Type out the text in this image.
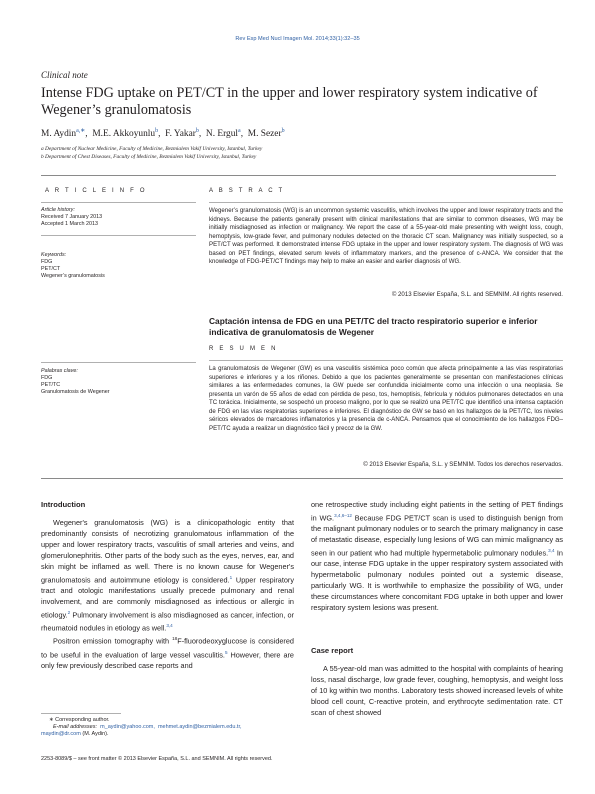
Rev Esp Med Nucl Imagen Mol. 2014;33(1):32–35
Clinical note
Intense FDG uptake on PET/CT in the upper and lower respiratory system indicative of Wegener’s granulomatosis
M. Aydin$^{a,∗}$, M.E. Akkoyunlu$^b$, F. Yakar$^b$, N. Ergul$^a$, M. Sezer$^b$
a Department of Nuclear Medicine, Faculty of Medicine, Bezmialem Vakif University, Istanbul, Turkey
b Department of Chest Diseases, Faculty of Medicine, Bezmialem Vakif University, Istanbul, Turkey
A R T I C L E I N F O
Article history:
Received 7 January 2013
Accepted 1 March 2013
Keywords:
FDG
PET/CT
Wegener’s granulomatosis
Palabras clave:
FDG
PET/TC
Granulomatosis de Wegener
A B S T R A C T
Wegener’s granulomatosis (WG) is an uncommon systemic vasculitis, which involves the upper and lower respiratory tracts and the kidneys. Because the patients generally present with clinical manifestations that are similar to common diseases, WG may be initially misdiagnosed as infection or malignancy. We report the case of a 55-year-old male presenting with weight loss, cough, hemoptysis, low-grade fever, and pulmonary nodules detected on the thoracic CT scan. Malignancy was initially suspected, so a PET/CT was performed. It demonstrated intense FDG uptake in the upper and lower respiratory system. The diagnosis of WG was based on PET findings, elevated serum levels of inflammatory markers, and the presence of c-ANCA. We consider that the knowledge of FDG-PET/CT findings may help to make an easier and earlier diagnosis of WG.
© 2013 Elsevier España, S.L. and SEMNIM. All rights reserved.
Captación intensa de FDG en una PET/TC del tracto respiratorio superior e inferior indicativa de granulomatosis de Wegener
R E S U M E N
La granulomatosis de Wegener (GW) es una vasculitis sistémica poco común que afecta principalmente a las vías respiratorias superiores e inferiores y a los riñones. Debido a que los pacientes generalmente se presentan con manifestaciones clínicas similares a las enfermedades comunes, la GW puede ser confundida inicialmente como una infección o una neoplasia. Se presenta un varón de 55 años de edad con pérdida de peso, tos, hemoptisis, febrícula y nódulos pulmonares detectados en una TC torácica. Inicialmente, se sospechó un proceso maligno, por lo que se realizó una PET/TC que identificó una intensa captación de FDG en las vías respiratorias superiores e inferiores. El diagnóstico de GW se basó en los hallazgos de la PET/TC, los niveles séricos elevados de marcadores inflamatorios y la presencia de c-ANCA. Pensamos que el conocimiento de los hallazgos FDG–PET/TC ayuda a realizar un diagnóstico fácil y precoz de la GW.
© 2013 Elsevier España, S.L. y SEMNIM. Todos los derechos reservados.
Introduction

Wegener's granulomatosis (WG) is a clinicopathologic entity that predominantly consists of necrotizing granulomatous inflammation of the upper and lower respiratory tracts, vasculitis of small arteries and veins, and glomerulonephritis. Other parts of the body such as the eyes, nerves, ear, and skin might be inflamed as well. There is no known cause for Wegener's granulomatosis and autoimmune etiology is considered.$^1$ Upper respiratory tract and otologic manifestations usually precede pulmonary and renal involvement, and are commonly misdiagnosed as infectious or allergic in etiology.$^2$ Pulmonary involvement is also misdiagnosed as cancer, infection, or rheumatoid nodules in etiology as well.$^{3,4}$

Positron emission tomography with $^{18}$F-fluorodeoxyglucose is considered to be useful in the evaluation of large vessel vasculitis.$^5$ However, there are only few previously described case reports and

∗ Corresponding author.
E-mail addresses: m_aydin@yahoo.com, mehmet.aydin@bezmialem.edu.tr,
maydin@dr.com (M. Aydin).
2253-8089/$ – see front matter © 2013 Elsevier España, S.L. and SEMNIM. All rights reserved.

one retrospective study including eight patients in the setting of PET findings in WG.$^{3,4,6-12}$ Because FDG PET/CT scan is used to distinguish benign from the malignant pulmonary nodules or to search the primary malignancy in case of metastatic disease, especially lung lesions of WG can mimic malignancy as seen in our patient who had multiple hypermetabolic pulmonary nodules.$^{3,4}$ In our case, intense FDG uptake in the upper respiratory system associated with hypermetabolic pulmonary nodules pointed out a systemic disease, particularly WG. It is worthwhile to emphasize the possibility of WG, under these circumstances where concomitant FDG uptake in both upper and lower respiratory system lesions was present.

Case report

A 55-year-old man was admitted to the hospital with complaints of hearing loss, nasal discharge, low grade fever, coughing, hemoptysis, and weight loss of 10 kg within two months. Laboratory tests showed increased levels of white blood cell count, C-reactive protein, and erythrocyte sedimentation rate. CT scan of chest showed
